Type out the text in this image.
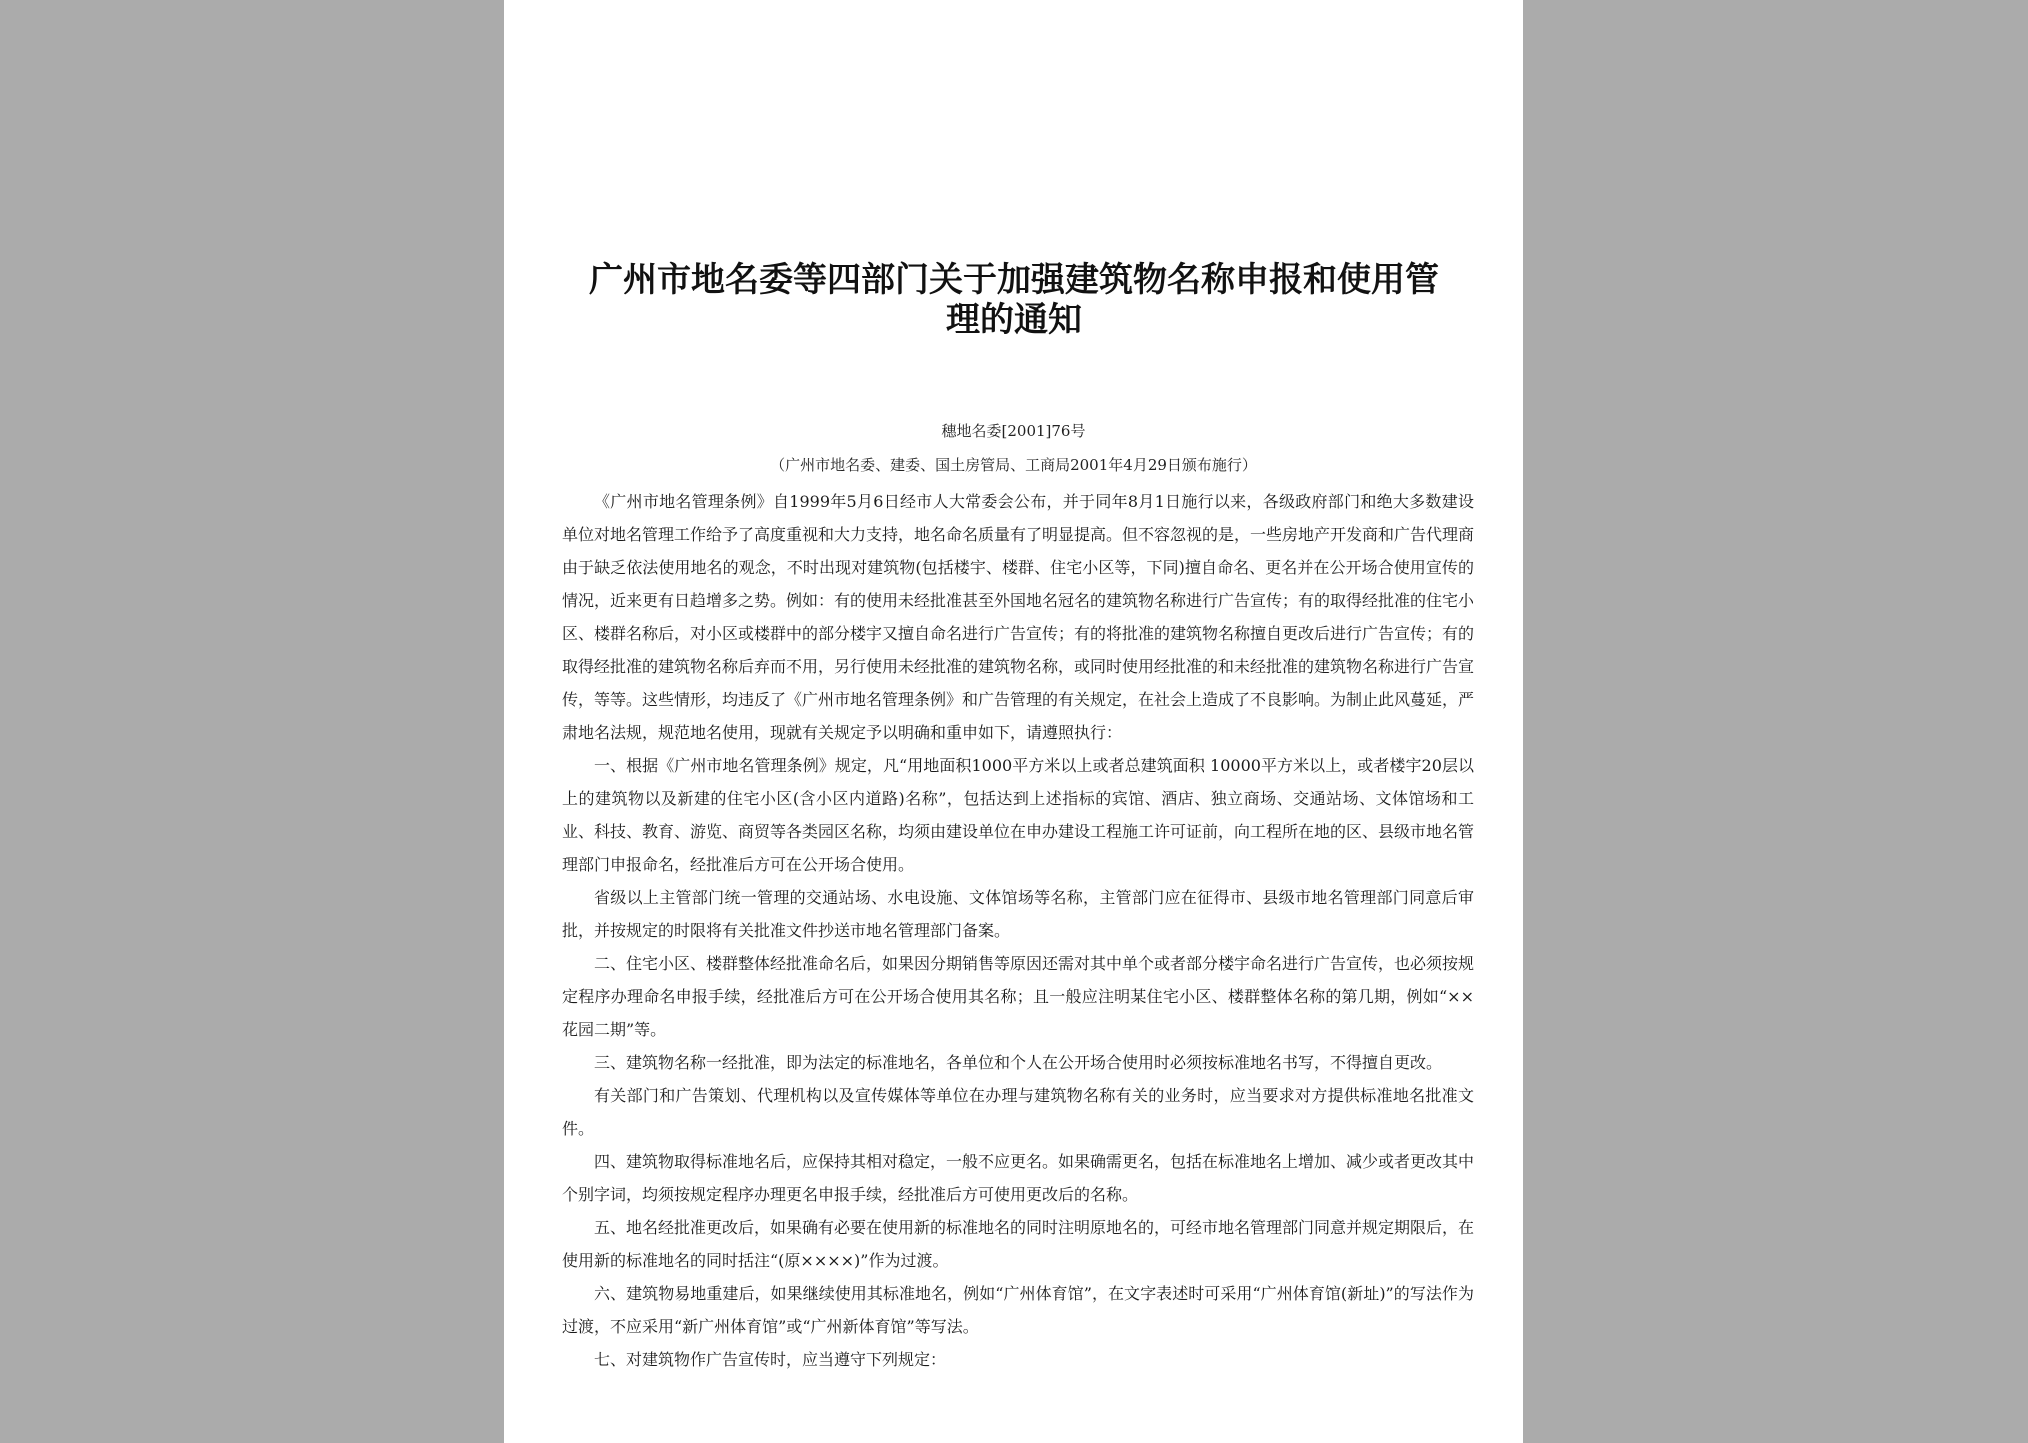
广州市地名委等四部门关于加强建筑物名称申报和使用管理的通知
穗地名委[2001]76号
（广州市地名委、建委、国土房管局、工商局2001年4月29日颁布施行）

《广州市地名管理条例》自1999年5月6日经市人大常委会公布，并于同年8月1日施行以来，各级政府部门和绝大多数建设单位对地名管理工作给予了高度重视和大力支持，地名命名质量有了明显提高。但不容忽视的是，一些房地产开发商和广告代理商由于缺乏依法使用地名的观念，不时出现对建筑物(包括楼宇、楼群、住宅小区等，下同)擅自命名、更名并在公开场合使用宣传的情况，近来更有日趋增多之势。例如：有的使用未经批准甚至外国地名冠名的建筑物名称进行广告宣传；有的取得经批准的住宅小区、楼群名称后，对小区或楼群中的部分楼宇又擅自命名进行广告宣传；有的将批准的建筑物名称擅自更改后进行广告宣传；有的取得经批准的建筑物名称后弃而不用，另行使用未经批准的建筑物名称，或同时使用经批准的和未经批准的建筑物名称进行广告宣传，等等。这些情形，均违反了《广州市地名管理条例》和广告管理的有关规定，在社会上造成了不良影响。为制止此风蔓延，严肃地名法规，规范地名使用，现就有关规定予以明确和重申如下，请遵照执行：

一、根据《广州市地名管理条例》规定，凡“用地面积1000平方米以上或者总建筑面积 10000平方米以上，或者楼宇20层以上的建筑物以及新建的住宅小区(含小区内道路)名称”，包括达到上述指标的宾馆、酒店、独立商场、交通站场、文体馆场和工业、科技、教育、游览、商贸等各类园区名称，均须由建设单位在申办建设工程施工许可证前，向工程所在地的区、县级市地名管理部门申报命名，经批准后方可在公开场合使用。

省级以上主管部门统一管理的交通站场、水电设施、文体馆场等名称，主管部门应在征得市、县级市地名管理部门同意后审批，并按规定的时限将有关批准文件抄送市地名管理部门备案。

二、住宅小区、楼群整体经批准命名后，如果因分期销售等原因还需对其中单个或者部分楼宇命名进行广告宣传，也必须按规定程序办理命名申报手续，经批准后方可在公开场合使用其名称；且一般应注明某住宅小区、楼群整体名称的第几期，例如“××花园二期”等。

三、建筑物名称一经批准，即为法定的标准地名，各单位和个人在公开场合使用时必须按标准地名书写，不得擅自更改。

有关部门和广告策划、代理机构以及宣传媒体等单位在办理与建筑物名称有关的业务时，应当要求对方提供标准地名批准文件。

四、建筑物取得标准地名后，应保持其相对稳定，一般不应更名。如果确需更名，包括在标准地名上增加、减少或者更改其中个别字词，均须按规定程序办理更名申报手续，经批准后方可使用更改后的名称。

五、地名经批准更改后，如果确有必要在使用新的标准地名的同时注明原地名的，可经市地名管理部门同意并规定期限后，在使用新的标准地名的同时括注“(原××××)”作为过渡。

六、建筑物易地重建后，如果继续使用其标准地名，例如“广州体育馆”，在文字表述时可采用“广州体育馆(新址)”的写法作为过渡，不应采用“新广州体育馆”或“广州新体育馆”等写法。

七、对建筑物作广告宣传时，应当遵守下列规定：
